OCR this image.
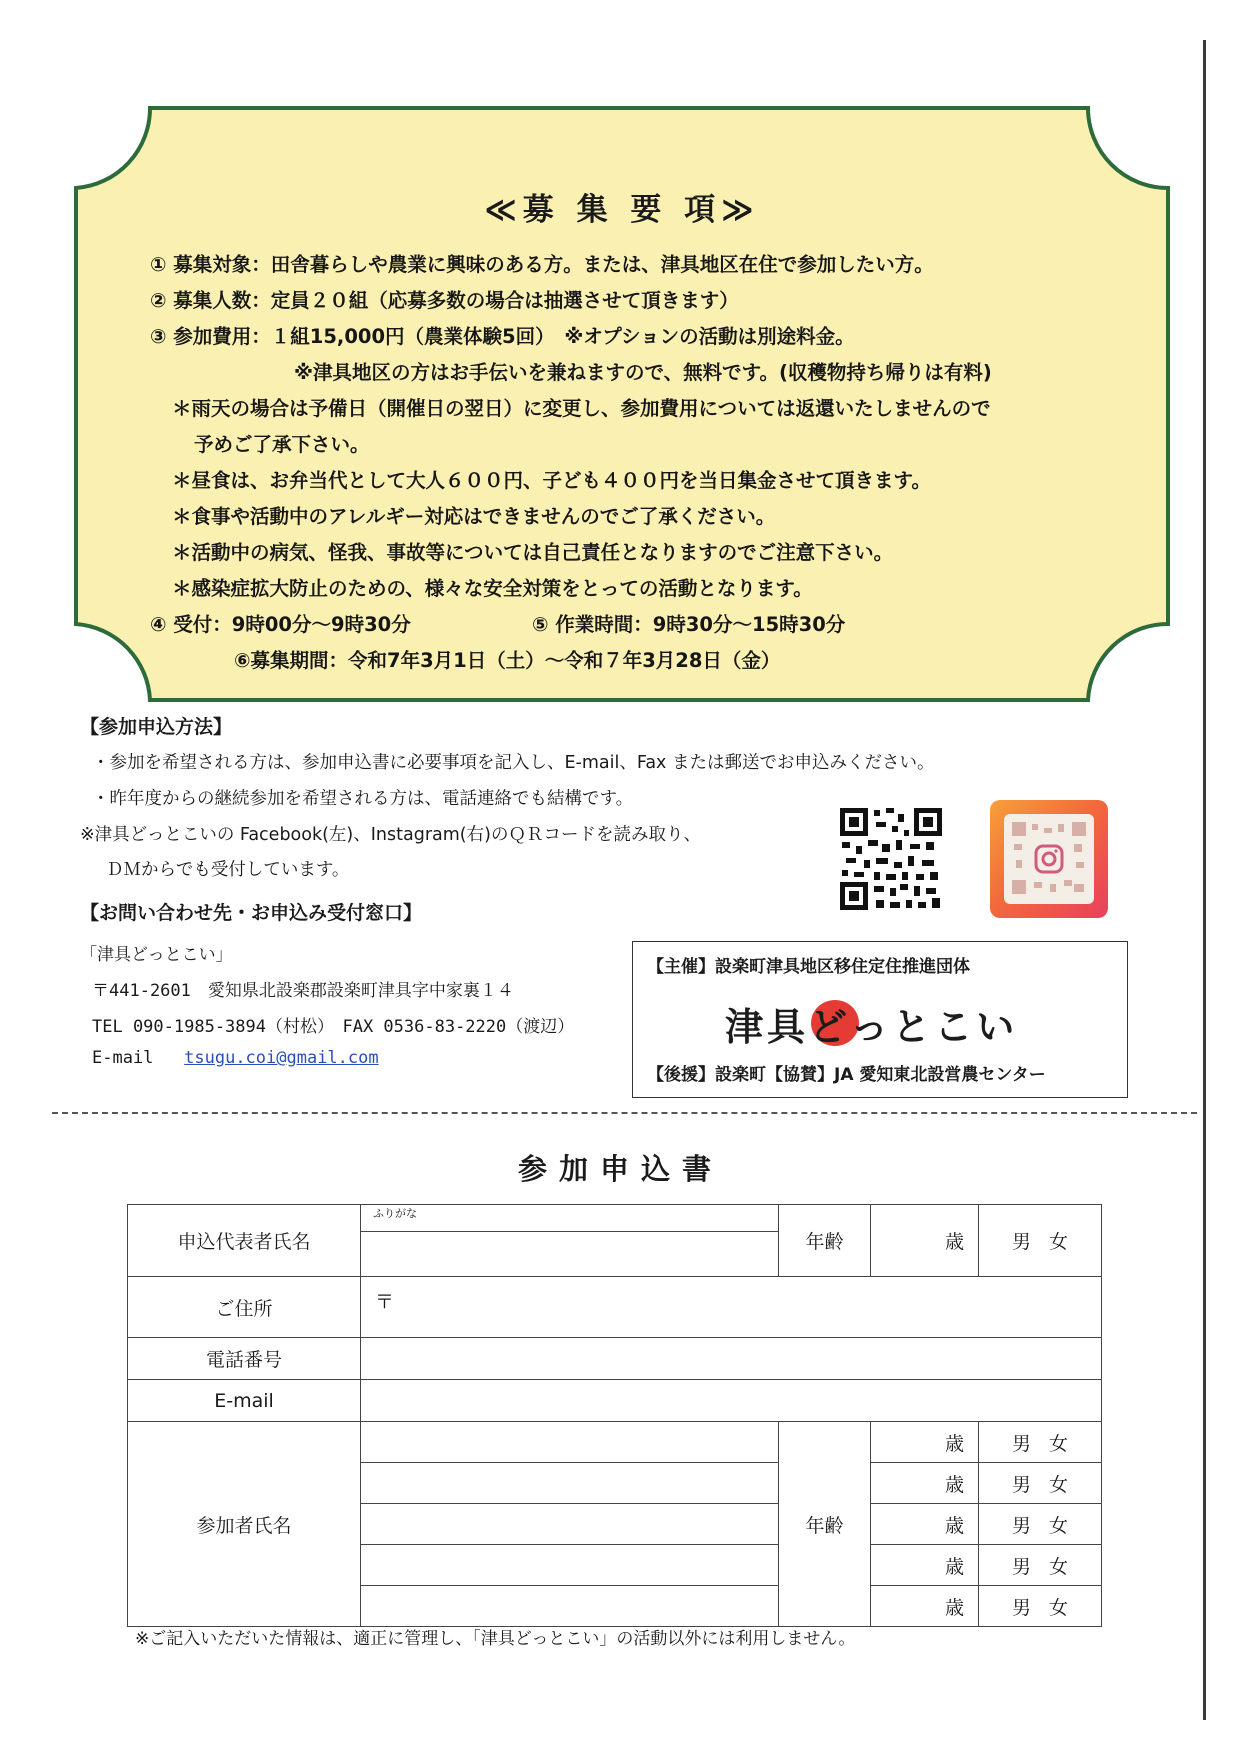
≪募 集 要 項≫
① 募集対象：田舎暮らしや農業に興味のある方。または、津具地区在住で参加したい方。
② 募集人数：定員２０組（応募多数の場合は抽選させて頂きます）
③ 参加費用：１組15,000円（農業体験5回）　※オプションの活動は別途料金。
※津具地区の方はお手伝いを兼ねますので、無料です。(収穫物持ち帰りは有料)
＊雨天の場合は予備日（開催日の翌日）に変更し、参加費用については返還いたしませんので
予めご了承下さい。
＊昼食は、お弁当代として大人６００円、子ども４００円を当日集金させて頂きます。
＊食事や活動中のアレルギー対応はできませんのでご了承ください。
＊活動中の病気、怪我、事故等については自己責任となりますのでご注意下さい。
＊感染症拡大防止のための、様々な安全対策をとっての活動となります。
④ 受付：9時00分～9時30分	⑤ 作業時間：9時30分～15時30分
⑥募集期間：令和7年3月1日（土）～令和７年3月28日（金）
【参加申込方法】
・参加を希望される方は、参加申込書に必要事項を記入し、E-mail、Fax または郵送でお申込みください。
・昨年度からの継続参加を希望される方は、電話連絡でも結構です。
※津具どっとこいの Facebook(左)、Instagram(右)のＱＲコードを読み取り、
ＤＭからでも受付しています。
【お問い合わせ先・お申込み受付窓口】
「津具どっとこい」
〒441-2601　愛知県北設楽郡設楽町津具字中家裏１４
TEL 090-1985-3894（村松）　FAX 0536-83-2220（渡辺）
E-mail tsugu.coi@gmail.com
【主催】設楽町津具地区移住定住推進団体
津具どっとこい
【後援】設楽町【協賛】JA 愛知東北設営農センター
参加申込書
申込代表者氏名	ふりがな	年齢	歳	男女

ご住所	〒			
電話番号				
E-mail				
参加者氏名		年齢	歳	男女
			歳	男女
			歳	男女
			歳	男女
			歳	男女
※ご記入いただいた情報は、適正に管理し、「津具どっとこい」の活動以外には利用しません。
